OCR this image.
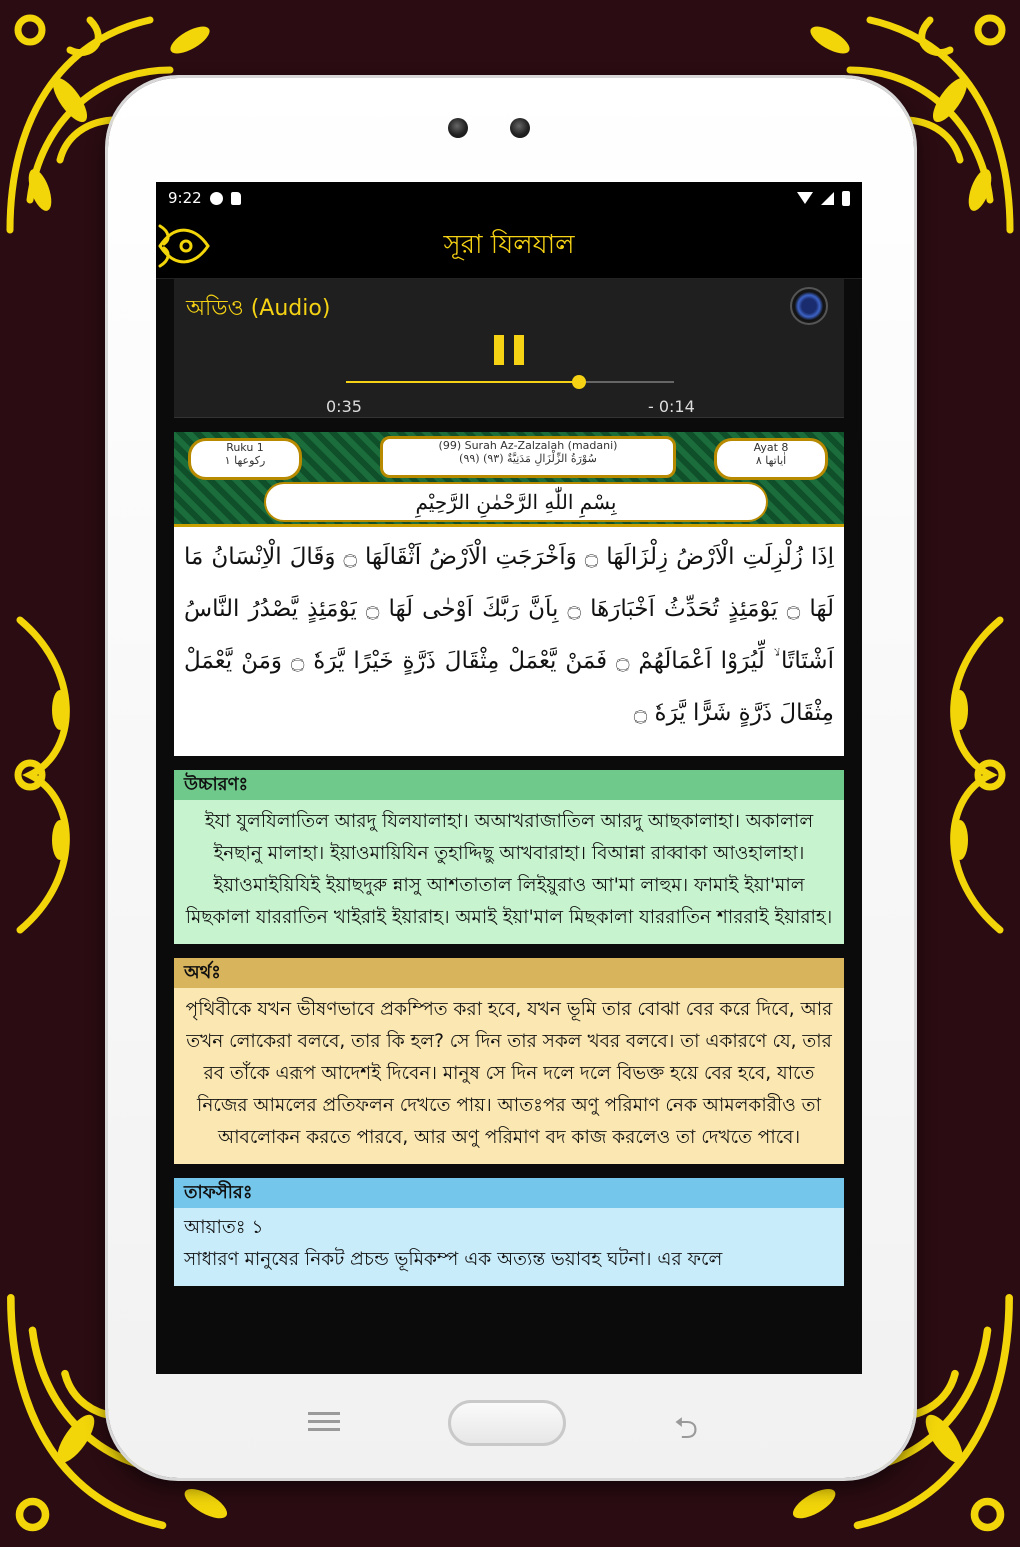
9:22
সূরা যিলযাল
অডিও (Audio)
0:35	- 0:14
Ruku 1
رکوعها ١
(99) Surah Az-Zalzalah (madani)
(٩٩) سُوْرَةُ الزِّلْزَالِ مَدَنِيَّةٌ (٩٣)
Ayat 8
اٰياتها ٨
بِسْمِ اللّٰهِ الرَّحْمٰنِ الرَّحِيْمِ
اِذَا زُلْزِلَتِ الْاَرْضُ زِلْزَالَهَا ۝ وَاَخْرَجَتِ الْاَرْضُ اَثْقَالَهَا ۝ وَقَالَ الْاِنْسَانُ مَا لَهَا ۝ يَوْمَئِذٍ تُحَدِّثُ اَخْبَارَهَا ۝ بِاَنَّ رَبَّكَ اَوْحٰى لَهَا ۝ يَوْمَئِذٍ يَّصْدُرُ النَّاسُ اَشْتَاتًا ۙ لِّيُرَوْا اَعْمَالَهُمْ ۝ فَمَنْ يَّعْمَلْ مِثْقَالَ ذَرَّةٍ خَيْرًا يَّرَهٗ ۝ وَمَنْ يَّعْمَلْ مِثْقَالَ ذَرَّةٍ شَرًّا يَّرَهٗ ۝
উচ্চারণঃ
ইযা যুলযিলাতিল আরদু যিলযালাহা। অআখরাজাতিল আরদু আছকালাহা। অকালাল ইনছানু মালাহা। ইয়াওমায়িযিন তুহাদ্দিছু আখবারাহা। বিআন্না রাব্বাকা আওহালাহা। ইয়াওমাইয়িযিই ইয়াছদুরু ন্নাসু আশতাতাল লিইয়ুরাও আ'মা লাহুম। ফামাই ইয়া'মাল মিছকালা যাররাতিন খাইরাই ইয়ারাহ। অমাই ইয়া'মাল মিছকালা যাররাতিন শাররাই ইয়ারাহ।
অর্থঃ
পৃথিবীকে যখন ভীষণভাবে প্রকম্পিত করা হবে, যখন ভূমি তার বোঝা বের করে দিবে, আর তখন লোকেরা বলবে, তার কি হল? সে দিন তার সকল খবর বলবে। তা একারণে যে, তার রব তাঁকে এরূপ আদেশই দিবেন। মানুষ সে দিন দলে দলে বিভক্ত হয়ে বের হবে, যাতে নিজের আমলের প্রতিফলন দেখতে পায়। আতঃপর অণু পরিমাণ নেক আমলকারীও তা আবলোকন করতে পারবে, আর অণু পরিমাণ বদ কাজ করলেও তা দেখতে পাবে।
তাফসীরঃ
আয়াতঃ ১
সাধারণ মানুষের নিকট প্রচন্ড ভূমিকম্প এক অত্যন্ত ভয়াবহ ঘটনা। এর ফলে
⮌
